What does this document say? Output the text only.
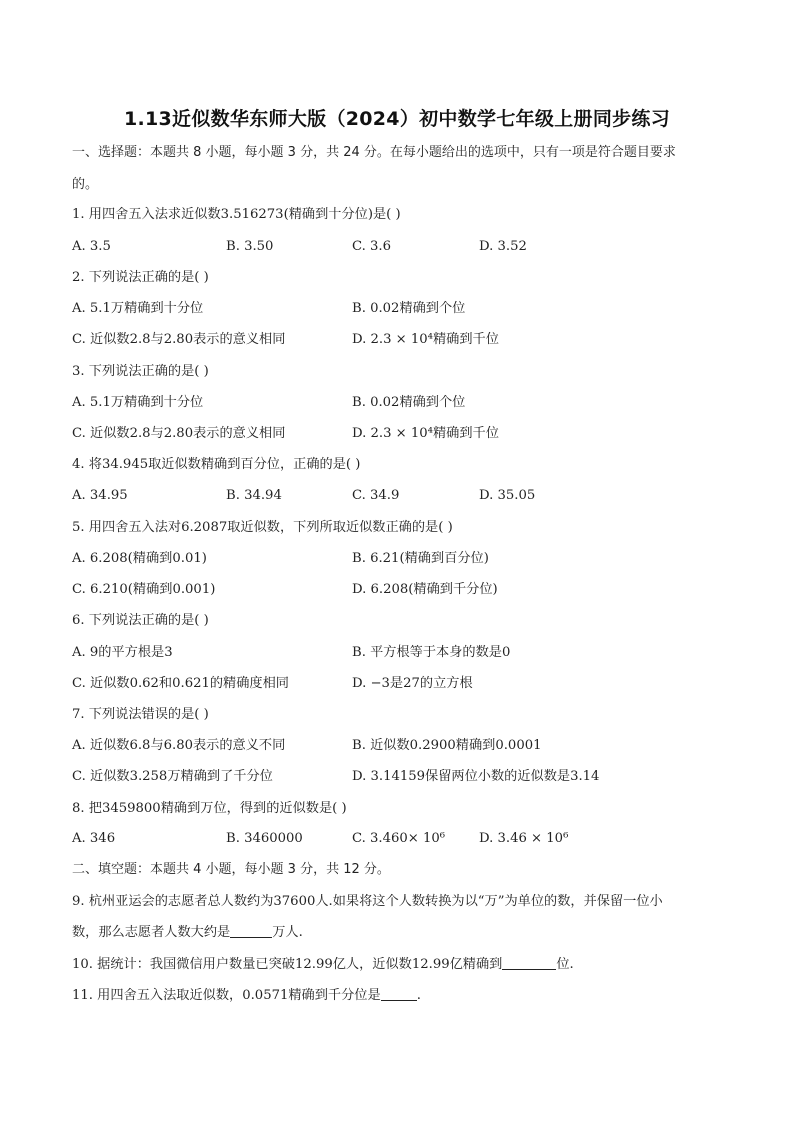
1.13近似数华东师大版（2024）初中数学七年级上册同步练习
一、选择题：本题共 8 小题，每小题 3 分，共 24 分。在每小题给出的选项中，只有一项是符合题目要求
的。
1. 用四舍五入法求近似数3.516273(精确到十分位)是( )
A. 3.5	B. 3.50	C. 3.6	D. 3.52
2. 下列说法正确的是( )
A. 5.1万精确到十分位	B. 0.02精确到个位
C. 近似数2.8与2.80表示的意义相同	D. 2.3 × 10⁴精确到千位
3. 下列说法正确的是( )
A. 5.1万精确到十分位	B. 0.02精确到个位
C. 近似数2.8与2.80表示的意义相同	D. 2.3 × 10⁴精确到千位
4. 将34.945取近似数精确到百分位，正确的是( )
A. 34.95	B. 34.94	C. 34.9	D. 35.05
5. 用四舍五入法对6.2087取近似数，下列所取近似数正确的是( )
A. 6.208(精确到0.01)	B. 6.21(精确到百分位)
C. 6.210(精确到0.001)	D. 6.208(精确到千分位)
6. 下列说法正确的是( )
A. 9的平方根是3	B. 平方根等于本身的数是0
C. 近似数0.62和0.621的精确度相同	D. −3是27的立方根
7. 下列说法错误的是( )
A. 近似数6.8与6.80表示的意义不同	B. 近似数0.2900精确到0.0001
C. 近似数3.258万精确到了千分位	D. 3.14159保留两位小数的近似数是3.14
8. 把3459800精确到万位，得到的近似数是( )
A. 346	B. 3460000	C. 3.460× 10⁶	D. 3.46 × 10⁶
二、填空题：本题共 4 小题，每小题 3 分，共 12 分。
9. 杭州亚运会的志愿者总人数约为37600人.如果将这个人数转换为以“万”为单位的数，并保留一位小
数，那么志愿者人数大约是	万人.
10. 据统计：我国微信用户数量已突破12.99亿人，近似数12.99亿精确到	位.
11. 用四舍五入法取近似数，0.0571精确到千分位是	.
